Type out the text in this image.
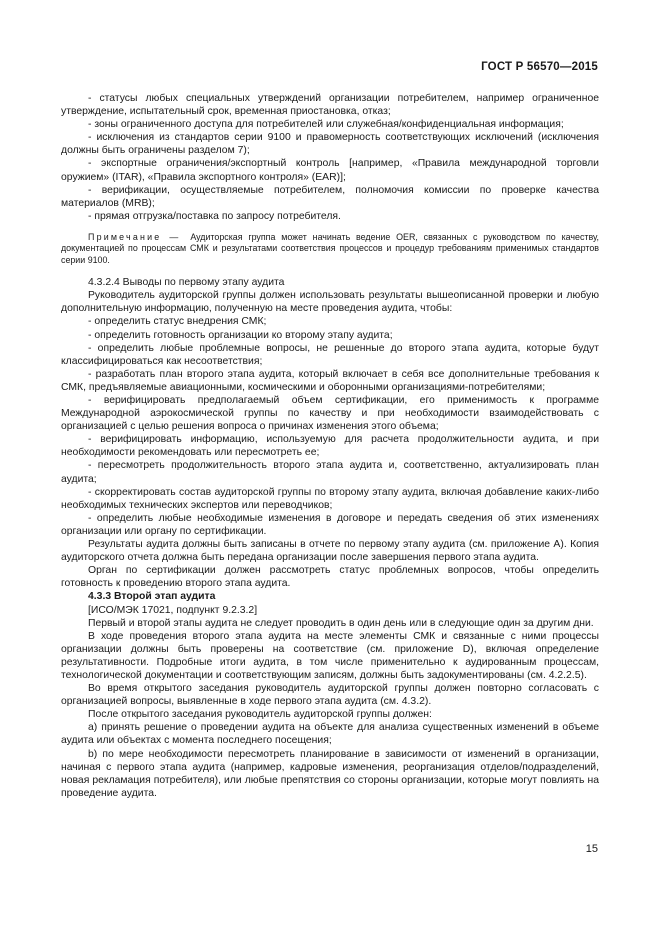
ГОСТ Р 56570—2015

- статусы любых специальных утверждений организации потребителем, например ограниченное утверждение, испытательный срок, временная приостановка, отказ;

- зоны ограниченного доступа для потребителей или служебная/конфиденциальная информация;

- исключения из стандартов серии 9100 и правомерность соответствующих исключений (исключения должны быть ограничены разделом 7);

- экспортные ограничения/экспортный контроль [например, «Правила международной торговли оружием» (ITAR), «Правила экспортного контроля» (EAR)];

- верификации, осуществляемые потребителем, полномочия комиссии по проверке качества материалов (MRB);

- прямая отгрузка/поставка по запросу потребителя.

Примечание — Аудиторская группа может начинать ведение OER, связанных с руководством по качеству, документацией по процессам СМК и результатами соответствия процессов и процедур требованиям применимых стандартов серии 9100.

4.3.2.4 Выводы по первому этапу аудита

Руководитель аудиторской группы должен использовать результаты вышеописанной проверки и любую дополнительную информацию, полученную на месте проведения аудита, чтобы:

- определить статус внедрения СМК;

- определить готовность организации ко второму этапу аудита;

- определить любые проблемные вопросы, не решенные до второго этапа аудита, которые будут классифицироваться как несоответствия;

- разработать план второго этапа аудита, который включает в себя все дополнительные требования к СМК, предъявляемые авиационными, космическими и оборонными организациями-потребителями;

- верифицировать предполагаемый объем сертификации, его применимость к программе Международной аэрокосмической группы по качеству и при необходимости взаимодействовать с организацией с целью решения вопроса о причинах изменения этого объема;

- верифицировать информацию, используемую для расчета продолжительности аудита, и при необходимости рекомендовать или пересмотреть ее;

- пересмотреть продолжительность второго этапа аудита и, соответственно, актуализировать план аудита;

- скорректировать состав аудиторской группы по второму этапу аудита, включая добавление каких-либо необходимых технических экспертов или переводчиков;

- определить любые необходимые изменения в договоре и передать сведения об этих изменениях организации или органу по сертификации.

Результаты аудита должны быть записаны в отчете по первому этапу аудита (см. приложение А). Копия аудиторского отчета должна быть передана организации после завершения первого этапа аудита.

Орган по сертификации должен рассмотреть статус проблемных вопросов, чтобы определить готовность к проведению второго этапа аудита.

4.3.3 Второй этап аудита

[ИСО/МЭК 17021, подпункт 9.2.3.2]

Первый и второй этапы аудита не следует проводить в один день или в следующие один за другим дни.

В ходе проведения второго этапа аудита на месте элементы СМК и связанные с ними процессы организации должны быть проверены на соответствие (см. приложение D), включая определение результативности. Подробные итоги аудита, в том числе применительно к аудированным процессам, технологической документации и соответствующим записям, должны быть задокументированы (см. 4.2.2.5).

Во время открытого заседания руководитель аудиторской группы должен повторно согласовать с организацией вопросы, выявленные в ходе первого этапа аудита (см. 4.3.2).

После открытого заседания руководитель аудиторской группы должен:

а) принять решение о проведении аудита на объекте для анализа существенных изменений в объеме аудита или объектах с момента последнего посещения;

b) по мере необходимости пересмотреть планирование в зависимости от изменений в организации, начиная с первого этапа аудита (например, кадровые изменения, реорганизация отделов/подразделений, новая рекламация потребителя), или любые препятствия со стороны организации, которые могут повлиять на проведение аудита.

15
